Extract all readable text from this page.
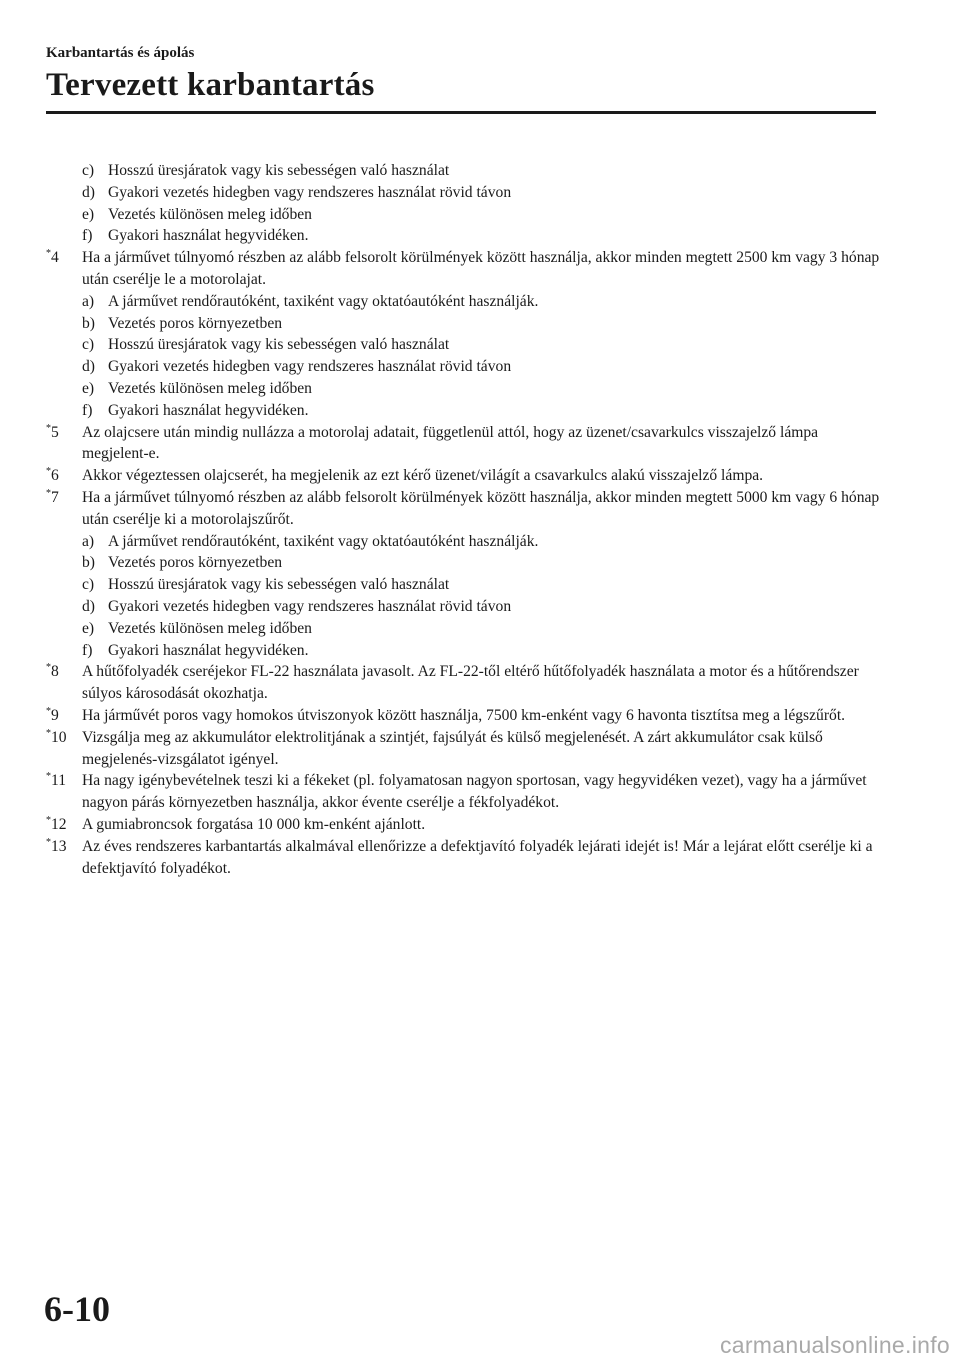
Karbantartás és ápolás
Tervezett karbantartás
c) Hosszú üresjáratok vagy kis sebességen való használat
d) Gyakori vezetés hidegben vagy rendszeres használat rövid távon
e) Vezetés különösen meleg időben
f)	Gyakori használat hegyvidéken.
*4	Ha a járművet túlnyomó részben az alább felsorolt körülmények között használja, akkor minden megtett 2500 km vagy 3 hónap után cserélje le a motorolajat.
a) A járművet rendőrautóként, taxiként vagy oktatóautóként használják.
b) Vezetés poros környezetben
c) Hosszú üresjáratok vagy kis sebességen való használat
d) Gyakori vezetés hidegben vagy rendszeres használat rövid távon
e) Vezetés különösen meleg időben
f)	Gyakori használat hegyvidéken.
*5	Az olajcsere után mindig nullázza a motorolaj adatait, függetlenül attól, hogy az üzenet/csavarkulcs visszajelző lámpa megjelent-e.
*6	Akkor végeztessen olajcserét, ha megjelenik az ezt kérő üzenet/világít a csavarkulcs alakú visszajelző lámpa.
*7	Ha a járművet túlnyomó részben az alább felsorolt körülmények között használja, akkor minden megtett 5000 km vagy 6 hónap után cserélje ki a motorolajszűrőt.
a) A járművet rendőrautóként, taxiként vagy oktatóautóként használják.
b) Vezetés poros környezetben
c) Hosszú üresjáratok vagy kis sebességen való használat
d) Gyakori vezetés hidegben vagy rendszeres használat rövid távon
e) Vezetés különösen meleg időben
f)	Gyakori használat hegyvidéken.
*8	A hűtőfolyadék cseréjekor FL-22 használata javasolt. Az FL-22-től eltérő hűtőfolyadék használata a motor és a hűtőrendszer súlyos károsodását okozhatja.
*9	Ha járművét poros vagy homokos útviszonyok között használja, 7500 km-enként vagy 6 havonta tisztítsa meg a légszűrőt.
*10 Vizsgálja meg az akkumulátor elektrolitjának a szintjét, fajsúlyát és külső megjelenését. A zárt akkumulátor csak külső megjelenés-vizsgálatot igényel.
*11	Ha nagy igénybevételnek teszi ki a fékeket (pl. folyamatosan nagyon sportosan, vagy hegyvidéken vezet), vagy ha a járművet nagyon párás környezetben használja, akkor évente cserélje a fékfolyadékot.
*12 A gumiabroncsok forgatása 10 000 km-enként ajánlott.
*13 Az éves rendszeres karbantartás alkalmával ellenőrizze a defektjavító folyadék lejárati idejét is! Már a lejárat előtt cserélje ki a defektjavító folyadékot.
6-10
carmanualsonline.info
